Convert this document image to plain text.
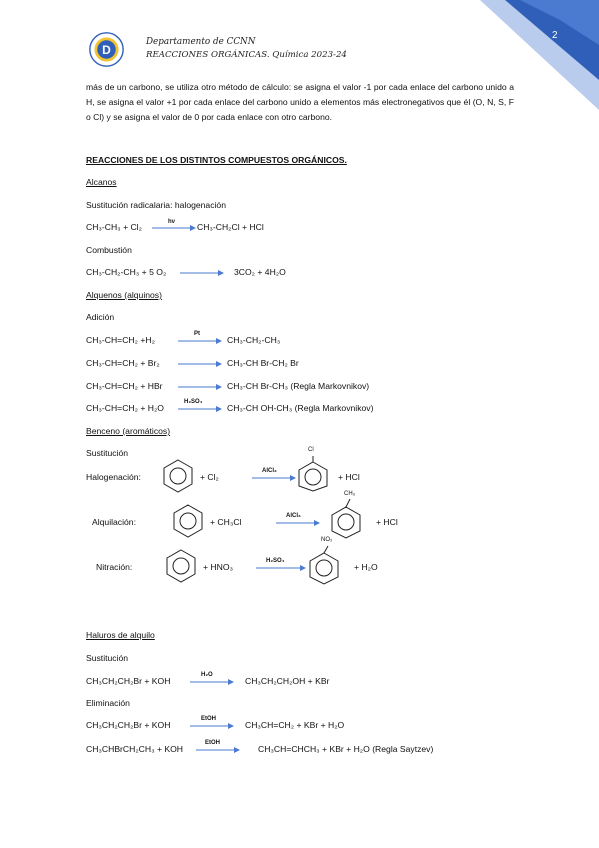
2
D
Departamento de CCNN
REACCIONES ORGÁNICAS. Química 2023-24
más de un carbono, se utiliza otro método de cálculo: se asigna el valor -1 por cada enlace del carbono unido a H, se asigna el valor +1 por cada enlace del carbono unido a elementos más electronegativos que él (O, N, S, F o Cl) y se asigna el valor de 0 por cada enlace con otro carbono.
REACCIONES DE LOS DISTINTOS COMPUESTOS ORGÁNICOS.
Alcanos
Sustitución radicalaria: halogenación
CH₃-CH₃ + Cl₂	hν → CH₃-CH₂Cl + HCl
Combustión
CH₃-CH₂-CH₃ + 5 O₂ → 3CO₂ + 4H₂O
Alquenos (alquinos)
Adición
CH₃-CH=CH₂ +H₂
Pt
→ CH₃-CH₂-CH₃
CH₃-CH=CH₂ + Br₂ → CH₃-CH Br-CH₂ Br
CH₃-CH=CH₂ + HBr → CH₃-CH Br-CH₃ (Regla Markovnikov)
CH₃-CH=CH₂ + H₂O
H₂SO₄
→ CH₃-CH OH-CH₃ (Regla Markovnikov)
Benceno (aromáticos)
Sustitución
Halogenación:	+ Cl₂
AlCl₃
Cl
+ HCl
Alquilación:	+ CH₃Cl
AlCl₃
CH₃
+ HCl
Nitración:	+ HNO₃
H₂SO₄
NO₂
+ H₂O
Haluros de alquilo
Sustitución
CH₃CH₂CH₂Br + KOH
H₂O
→ CH₃CH₂CH₂OH + KBr
Eliminación
CH₃CH₂CH₂Br + KOH
EtOH
→ CH₃CH=CH₂ + KBr + H₂O
CH₃CHBrCH₂CH₃ + KOH
EtOH
→ CH₃CH=CHCH₃ + KBr + H₂O (Regla Saytzev)
